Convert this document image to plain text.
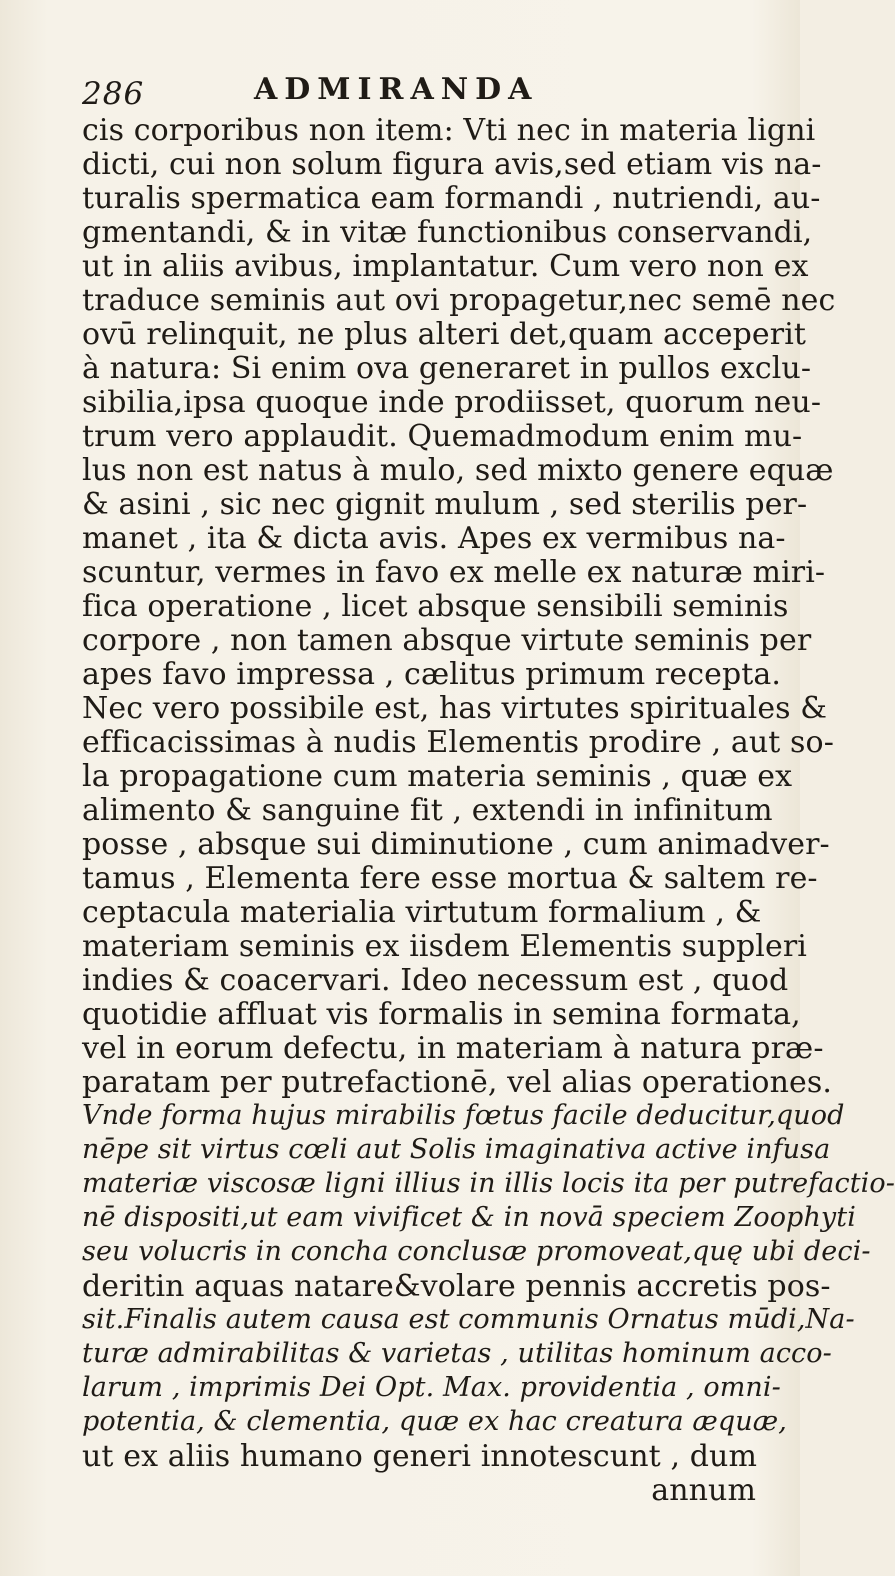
286	ADMIRANDA
cis corporibus non item: Vti nec in materia ligni
dicti, cui non solum figura avis,sed etiam vis na-
turalis spermatica eam formandi , nutriendi, au-
gmentandi, & in vitæ functionibus conservandi,
ut in aliis avibus, implantatur. Cum vero non ex
traduce seminis aut ovi propagetur,nec semē nec
ovū relinquit, ne plus alteri det,quam acceperit
à natura: Si enim ova generaret in pullos exclu-
sibilia,ipsa quoque inde prodiisset, quorum neu-
trum vero applaudit. Quemadmodum enim mu-
lus non est natus à mulo, sed mixto genere equæ
& asini , sic nec gignit mulum , sed sterilis per-
manet , ita & dicta avis. Apes ex vermibus na-
scuntur, vermes in favo ex melle ex naturæ miri-
fica operatione , licet absque sensibili seminis
corpore , non tamen absque virtute seminis per
apes favo impressa , cælitus primum recepta.
Nec vero possibile est, has virtutes spirituales &
efficacissimas à nudis Elementis prodire , aut so-
la propagatione cum materia seminis , quæ ex
alimento & sanguine fit , extendi in infinitum
posse , absque sui diminutione , cum animadver-
tamus , Elementa fere esse mortua & saltem re-
ceptacula materialia virtutum formalium , &
materiam seminis ex iisdem Elementis suppleri
indies & coacervari. Ideo necessum est , quod
quotidie affluat vis formalis in semina formata,
vel in eorum defectu, in materiam à natura præ-
paratam per putrefactionē, vel alias operationes.
Vnde forma hujus mirabilis fœtus facile deducitur,quod
nēpe sit virtus cœli aut Solis imaginativa active infusa
materiæ viscosæ ligni illius in illis locis ita per putrefactio-
nē dispositi,ut eam vivificet & in novā speciem Zoophyti
seu volucris in concha conclusæ promoveat,quę ubi deci-
deritin aquas natare&volare pennis accretis pos-
sit.Finalis autem causa est communis Ornatus mūdi,Na-
turæ admirabilitas & varietas , utilitas hominum acco-
larum , imprimis Dei Opt. Max. providentia , omni-
potentia, & clementia, quæ ex hac creatura æquæ,
ut ex aliis humano generi innotescunt , dum
annum
